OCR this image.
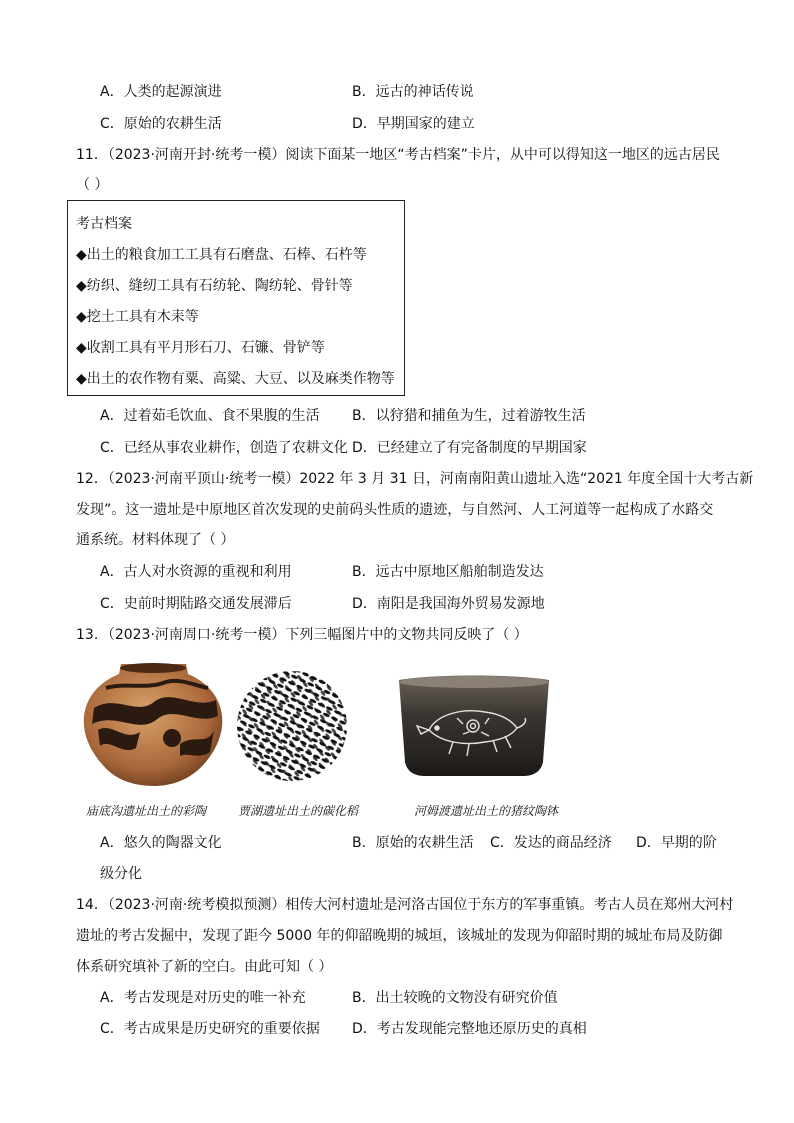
A．人类的起源演进	B．远古的神话传说
C．原始的农耕生活	D．早期国家的建立
11．（2023·河南开封·统考一模）阅读下面某一地区“考古档案”卡片，从中可以得知这一地区的远古居民
（ ）
考古档案
◆出土的粮食加工工具有石磨盘、石棒、石杵等
◆纺织、缝纫工具有石纺轮、陶纺轮、骨针等
◆挖土工具有木耒等
◆收割工具有平月形石刀、石镰、骨铲等
◆出土的农作物有粟、高粱、大豆、以及麻类作物等
A．过着茹毛饮血、食不果腹的生活 B．以狩猎和捕鱼为生，过着游牧生活
C．已经从事农业耕作，创造了农耕文化 D．已经建立了有完备制度的早期国家
12．（2023·河南平顶山·统考一模）2022 年 3 月 31 日，河南南阳黄山遗址入选“2021 年度全国十大考古新
发现”。这一遗址是中原地区首次发现的史前码头性质的遗迹，与自然河、人工河道等一起构成了水路交
通系统。材料体现了（ ）
A．古人对水资源的重视和利用	B．远古中原地区船舶制造发达
C．史前时期陆路交通发展滞后	D．南阳是我国海外贸易发源地
13．（2023·河南周口·统考一模）下列三幅图片中的文物共同反映了（ ）
庙底沟遗址出土的彩陶	贾湖遗址出土的碳化稻	河姆渡遗址出土的猪纹陶钵
A．悠久的陶器文化	B．原始的农耕生活 C．发达的商品经济 D．早期的阶
级分化
14．（2023·河南·统考模拟预测）相传大河村遗址是河洛古国位于东方的军事重镇。考古人员在郑州大河村
遗址的考古发掘中，发现了距今 5000 年的仰韶晚期的城垣，该城址的发现为仰韶时期的城址布局及防御
体系研究填补了新的空白。由此可知（ ）
A．考古发现是对历史的唯一补充	B．出土较晚的文物没有研究价值
C．考古成果是历史研究的重要依据 D．考古发现能完整地还原历史的真相
